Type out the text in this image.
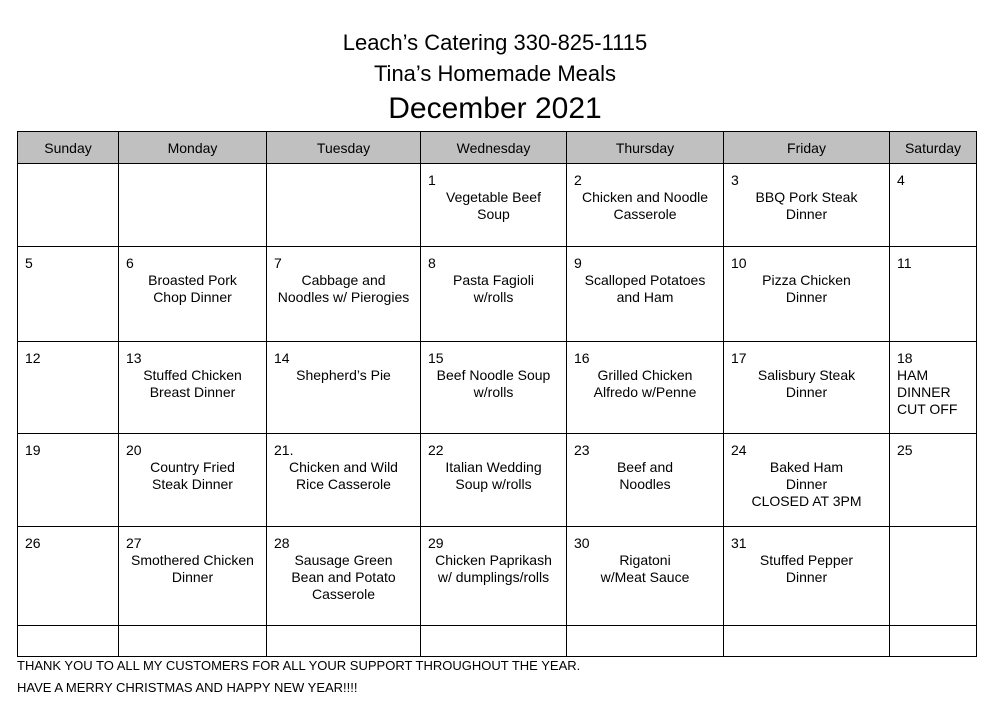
Leach’s Catering 330-825-1115
Tina’s Homemade Meals
December 2021
Sunday	Monday	Tuesday	Wednesday	Thursday	Friday	Saturday

			1
Vegetable Beef
Soup	2
Chicken and Noodle
Casserole	3
BBQ Pork Steak
Dinner	4

5	6
Broasted Pork
Chop Dinner	7
Cabbage and
Noodles w/ Pierogies	8
Pasta Fagioli
w/rolls	9
Scalloped Potatoes
and Ham	10
Pizza Chicken
Dinner	11

12	13
Stuffed Chicken
Breast Dinner	14
Shepherd’s Pie	15
Beef Noodle Soup
w/rolls	16
Grilled Chicken
Alfredo w/Penne	17
Salisbury Steak
Dinner	18
HAM
DINNER
CUT OFF

19	20
Country Fried
Steak Dinner	21.
Chicken and Wild
Rice Casserole	22
Italian Wedding
Soup w/rolls	23
Beef and
Noodles	24
Baked Ham
Dinner
CLOSED AT 3PM	25

26	27
Smothered Chicken
Dinner	28
Sausage Green
Bean and Potato
Casserole	29
Chicken Paprikash
w/ dumplings/rolls	30
Rigatoni
w/Meat Sauce	31
Stuffed Pepper
Dinner	

THANK YOU TO ALL MY CUSTOMERS FOR ALL YOUR SUPPORT THROUGHOUT THE YEAR.
HAVE A MERRY CHRISTMAS AND HAPPY NEW YEAR!!!!
